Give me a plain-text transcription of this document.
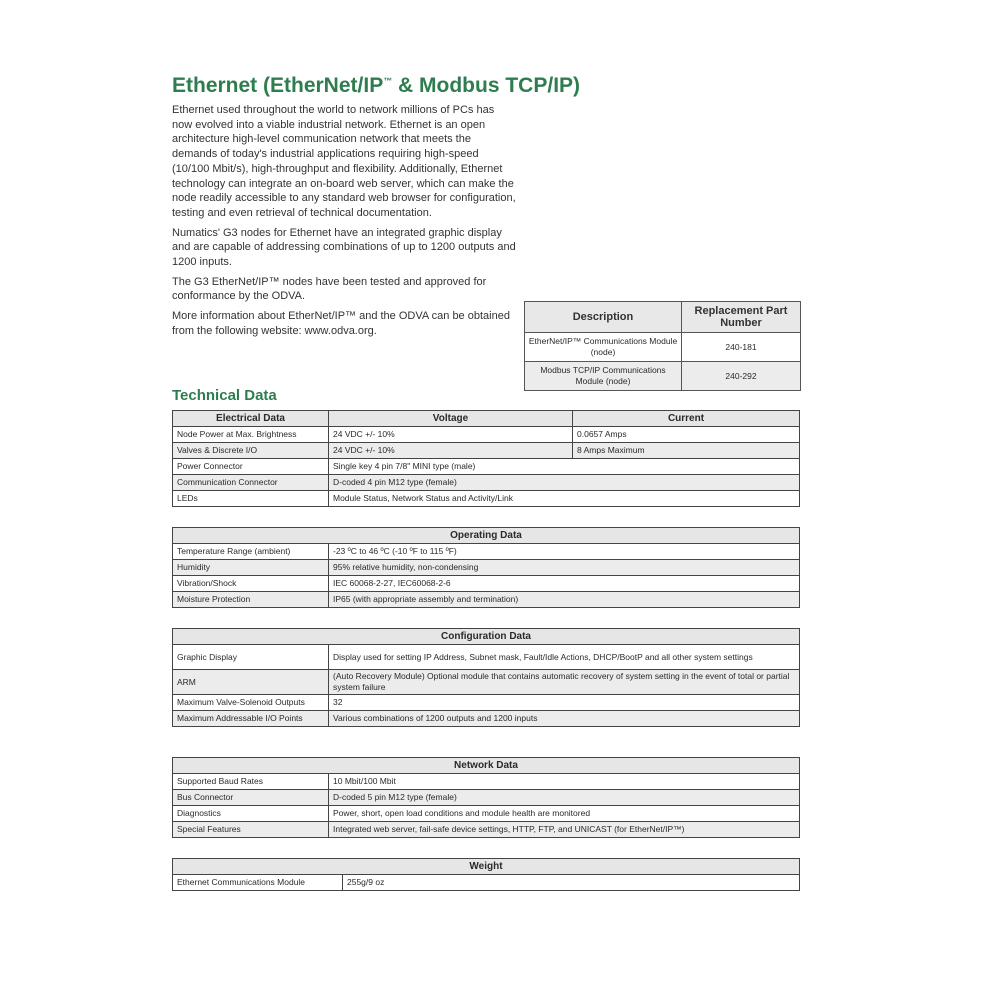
Ethernet (EtherNet/IP™ & Modbus TCP/IP)

Ethernet used throughout the world to network millions of PCs has now evolved into a viable industrial network. Ethernet is an open architecture high-level communication network that meets the demands of today's industrial applications requiring high-speed (10/100 Mbit/s), high-throughput and flexibility. Additionally, Ethernet technology can integrate an on-board web server, which can make the node readily accessible to any standard web browser for configuration, testing and even retrieval of technical documentation.

Numatics' G3 nodes for Ethernet have an integrated graphic display and are capable of addressing combinations of up to 1200 outputs and 1200 inputs.

The G3 EtherNet/IP™ nodes have been tested and approved for conformance by the ODVA.

More information about EtherNet/IP™ and the ODVA can be obtained from the following website: www.odva.org.

Description	Replacement Part Number
EtherNet/IP™ Communications Module (node)	240-181
Modbus TCP/IP Communications Module (node)	240-292
Technical Data
Electrical Data	Voltage	Current
Node Power at Max. Brightness	24 VDC +/- 10%	0.0657 Amps
Valves & Discrete I/O	24 VDC +/- 10%	8 Amps Maximum
Power Connector	Single key 4 pin 7/8" MINI type (male)	
Communication Connector	D-coded 4 pin M12 type (female)	
LEDs	Module Status, Network Status and Activity/Link	
Operating Data	
Temperature Range (ambient)	-23 ºC to 46 ºC (-10 ºF to 115 ºF)
Humidity	95% relative humidity, non-condensing
Vibration/Shock	IEC 60068-2-27, IEC60068-2-6
Moisture Protection	IP65 (with appropriate assembly and termination)
Configuration Data	
Graphic Display	Display used for setting IP Address, Subnet mask, Fault/Idle Actions, DHCP/BootP and all other system settings
ARM	(Auto Recovery Module) Optional module that contains automatic recovery of system setting in the event of total or partial system failure
Maximum Valve-Solenoid Outputs	32
Maximum Addressable I/O Points	Various combinations of 1200 outputs and 1200 inputs
Network Data	
Supported Baud Rates	10 Mbit/100 Mbit
Bus Connector	D-coded 5 pin M12 type (female)
Diagnostics	Power, short, open load conditions and module health are monitored
Special Features	Integrated web server, fail-safe device settings, HTTP, FTP, and UNICAST (for EtherNet/IP™)
Weight
Ethernet Communications Module	255g/9 oz
